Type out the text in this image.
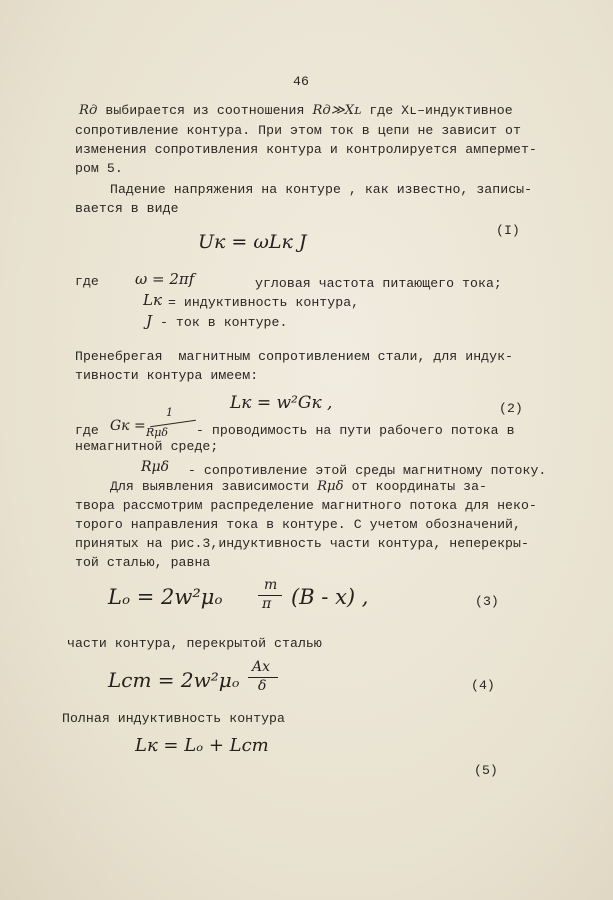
46
Rд выбирается из соотношения Rд≫Xʟ где Xʟ–индуктивное
сопротивление контура. При этом ток в цепи не зависит от
изменения сопротивления контура и контролируется ампермет-
ром 5.
Падение напряжения на контуре , как известно, записы-
вается в виде
Uк = ωLк J
(I)
где ω = 2πf	угловая частота питающего тока;
Lк = индуктивность контура,
J - ток в контуре.
Пренебрегая  магнитным сопротивлением стали, для индук-
тивности контура имеем:
Lк = w²Gк ,	(2)
где Gк =
1
Rμδ - проводимость на пути рабочего потока в
немагнитной среде;
Rμδ - сопротивление этой среды магнитному потоку.
Для выявления зависимости Rμδ от координаты за-
твора рассмотрим распределение магнитного потока для неко-
торого направления тока в контуре. С учетом обозначений,
принятых на рис.3,индуктивность части контура, неперекры-
той сталью, равна
Lₒ = 2w²μₒ	m
π (B - x) ,	(3)
части контура, перекрытой сталью
Lст = 2w²μₒ
Ax
δ	(4)
Полная индуктивность контура
Lк = Lₒ + Lст
(5)
